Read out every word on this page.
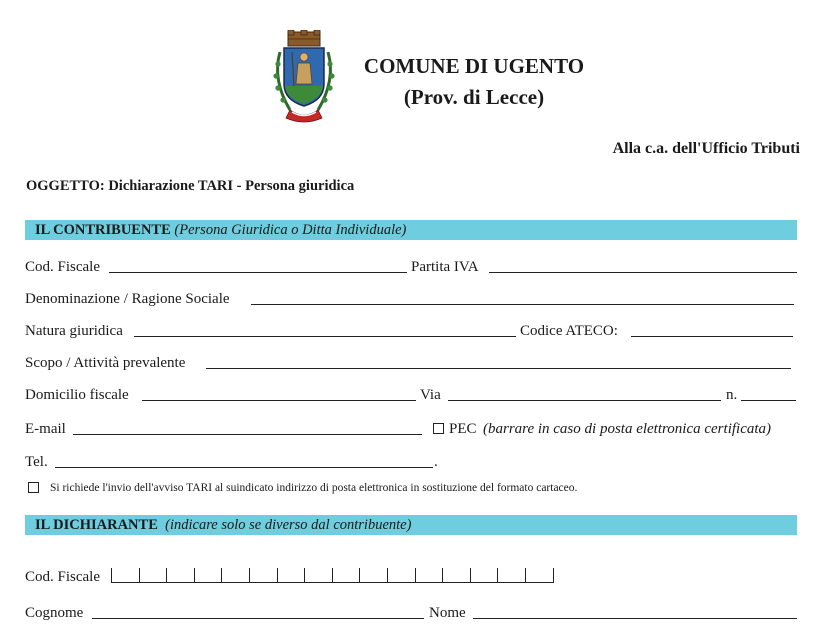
COMUNE DI UGENTO
(Prov. di Lecce)
Alla c.a. dell'Ufficio Tributi
OGGETTO: Dichiarazione TARI - Persona giuridica
IL CONTRIBUENTE (Persona Giuridica o Ditta Individuale)
Cod. Fiscale	Partita IVA
Denominazione / Ragione Sociale
Natura giuridica	Codice ATECO:
Scopo / Attività prevalente
Domicilio fiscale	Via	n.
E-mail	PEC (barrare in caso di posta elettronica certificata)
Tel.	.
Si richiede l'invio dell'avviso TARI al suindicato indirizzo di posta elettronica in sostituzione del formato cartaceo.
IL DICHIARANTE (indicare solo se diverso dal contribuente)
Cod. Fiscale
Cognome	Nome
